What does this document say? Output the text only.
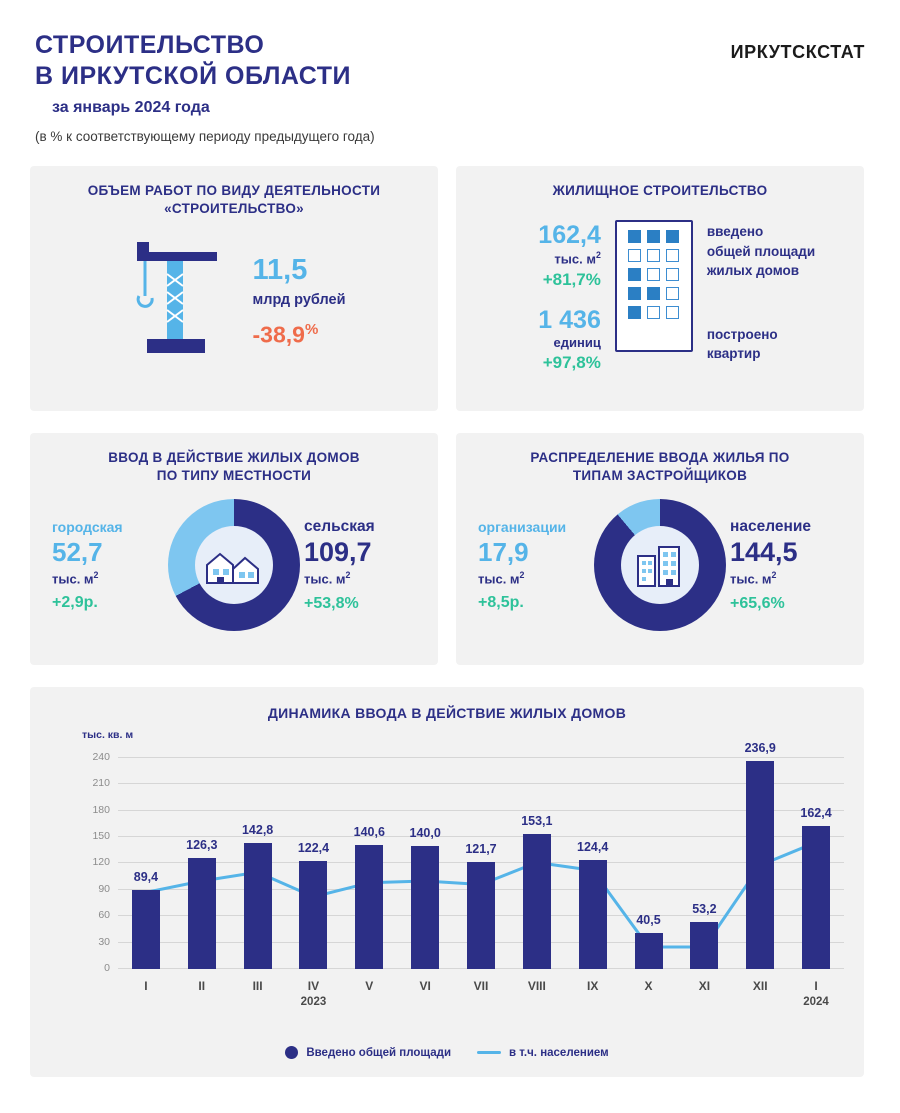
СТРОИТЕЛЬСТВО
В ИРКУТСКОЙ ОБЛАСТИ
за январь 2024 года
(в % к соответствующему периоду предыдущего года)
ИРКУТСКСТАТ
ОБЪЕМ РАБОТ ПО ВИДУ ДЕЯТЕЛЬНОСТИ
«СТРОИТЕЛЬСТВО»
11,5
млрд рублей
-38,9%
ЖИЛИЩНОЕ СТРОИТЕЛЬСТВО
162,4
тыс. $м^2$
+81,7%
1 436
единиц
+97,8%
введено
общей площади
жилых домов
построено
квартир
ВВОД В ДЕЙСТВИЕ ЖИЛЫХ ДОМОВ
ПО ТИПУ МЕСТНОСТИ
городская
52,7
тыс. $м^2$
+2,9р.
сельская
109,7
тыс. $м^2$
+53,8%
РАСПРЕДЕЛЕНИЕ ВВОДА ЖИЛЬЯ ПО
ТИПАМ ЗАСТРОЙЩИКОВ
организации
17,9
тыс. $м^2$
+8,5р.
население
144,5
тыс. $м^2$
+65,6%
ДИНАМИКА ВВОДА В ДЕЙСТВИЕ ЖИЛЫХ ДОМОВ
тыс. кв. м
0
30
60
90
120
150
180
210
240
89,4
126,3
142,8
122,4
140,6 140,0
121,7
153,1
124,4
40,5
53,2
236,9
162,4
I	II	III	IV
2023
V	VI	VII	VIII	IX	X	XI	XII	I
2024
Введено общей площади	в т.ч. населением
